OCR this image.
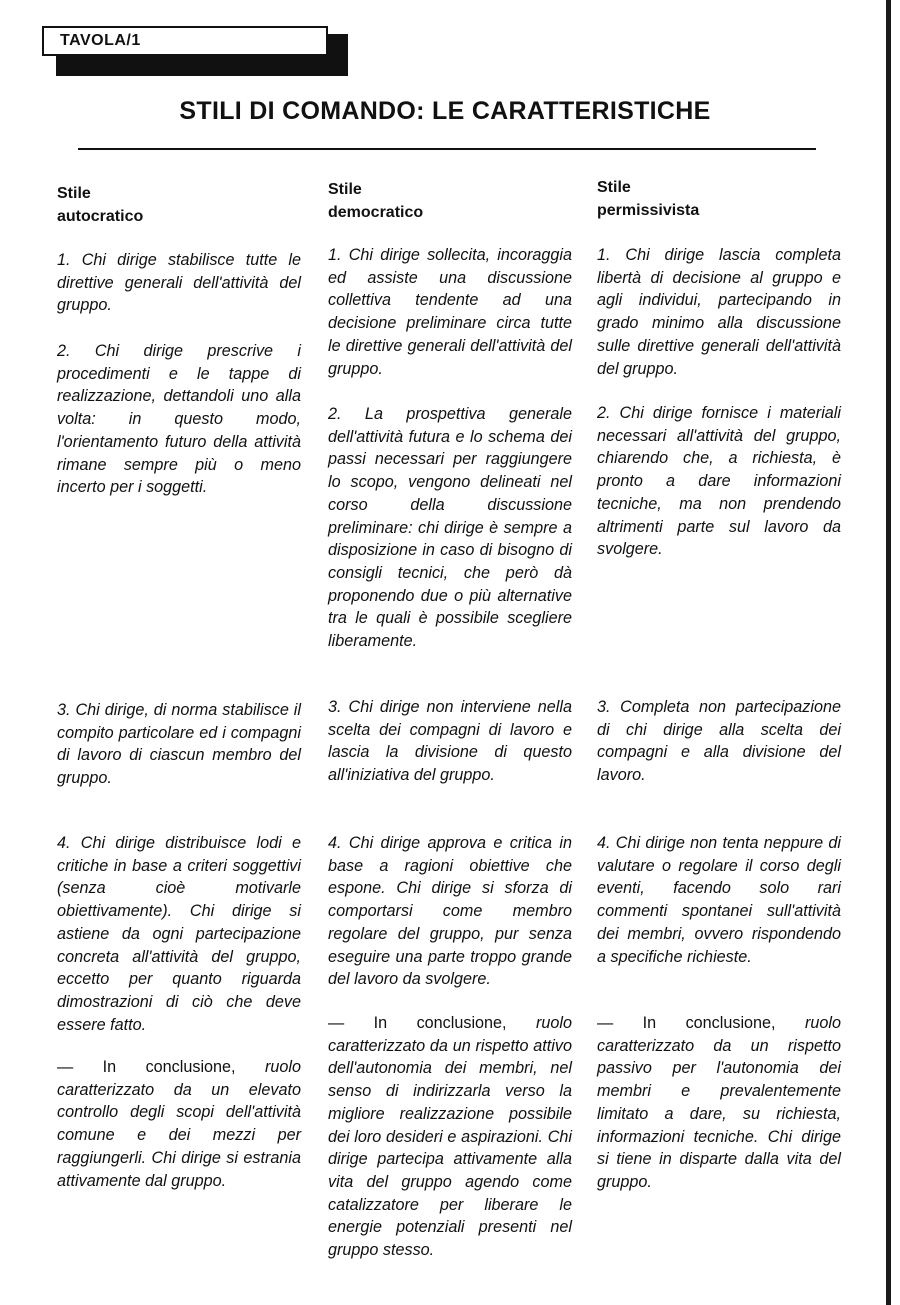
TAVOLA/1
STILI DI COMANDO: LE CARATTERISTICHE
Stile
autocratico

1. Chi dirige stabilisce tutte le direttive generali dell'attività del gruppo.

2. Chi dirige prescrive i procedimenti e le tappe di realizzazione, dettandoli uno alla volta: in questo modo, l'orientamento futuro della attività rimane sempre più o meno incerto per i soggetti.

3. Chi dirige, di norma stabilisce il compito particolare ed i compagni di lavoro di ciascun membro del gruppo.

4. Chi dirige distribuisce lodi e critiche in base a criteri soggettivi (senza cioè motivarle obiettivamente). Chi dirige si astiene da ogni partecipazione concreta all'attività del gruppo, eccetto per quanto riguarda dimostrazioni di ciò che deve essere fatto.

— In conclusione, ruolo caratterizzato da un elevato controllo degli scopi dell'attività comune e dei mezzi per raggiungerli. Chi dirige si estrania attivamente dal gruppo.

Stile
democratico

1. Chi dirige sollecita, incoraggia ed assiste una discussione collettiva tendente ad una decisione preliminare circa tutte le direttive generali dell'attività del gruppo.

2. La prospettiva generale dell'attività futura e lo schema dei passi necessari per raggiungere lo scopo, vengono delineati nel corso della discussione preliminare: chi dirige è sempre a disposizione in caso di bisogno di consigli tecnici, che però dà proponendo due o più alternative tra le quali è possibile scegliere liberamente.

3. Chi dirige non interviene nella scelta dei compagni di lavoro e lascia la divisione di questo all'iniziativa del gruppo.

4. Chi dirige approva e critica in base a ragioni obiettive che espone. Chi dirige si sforza di comportarsi come membro regolare del gruppo, pur senza eseguire una parte troppo grande del lavoro da svolgere.

— In conclusione, ruolo caratterizzato da un rispetto attivo dell'autonomia dei membri, nel senso di indirizzarla verso la migliore realizzazione possibile dei loro desideri e aspirazioni. Chi dirige partecipa attivamente alla vita del gruppo agendo come catalizzatore per liberare le energie potenziali presenti nel gruppo stesso.

Stile
permissivista

1. Chi dirige lascia completa libertà di decisione al gruppo e agli individui, partecipando in grado minimo alla discussione sulle direttive generali dell'attività del gruppo.

2. Chi dirige fornisce i materiali necessari all'attività del gruppo, chiarendo che, a richiesta, è pronto a dare informazioni tecniche, ma non prendendo altrimenti parte sul lavoro da svolgere.

3. Completa non partecipazione di chi dirige alla scelta dei compagni e alla divisione del lavoro.

4. Chi dirige non tenta neppure di valutare o regolare il corso degli eventi, facendo solo rari commenti spontanei sull'attività dei membri, ovvero rispondendo a specifiche richieste.

— In conclusione, ruolo caratterizzato da un rispetto passivo per l'autonomia dei membri e prevalentemente limitato a dare, su richiesta, informazioni tecniche. Chi dirige si tiene in disparte dalla vita del gruppo.
